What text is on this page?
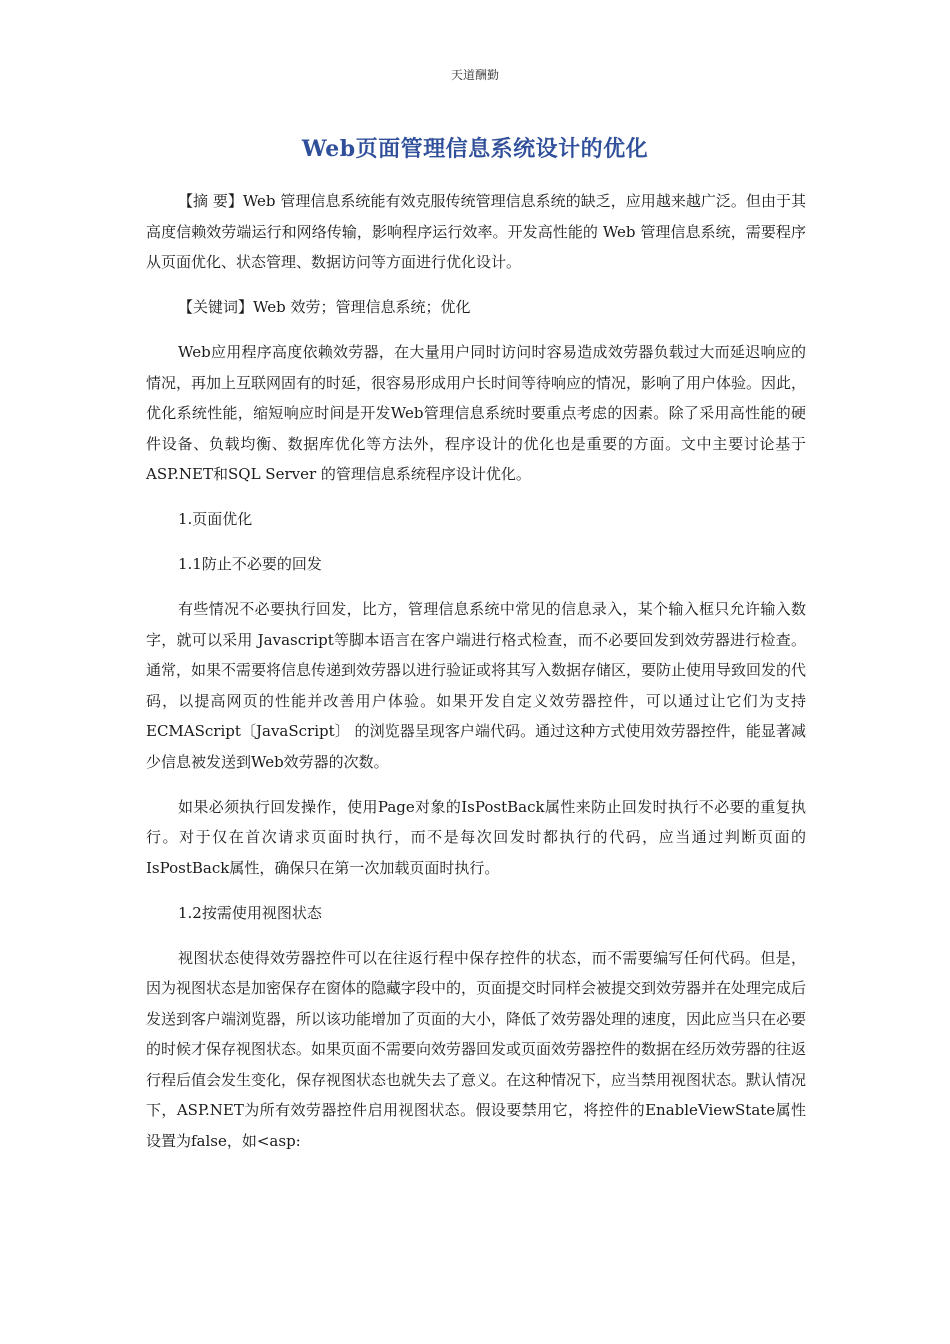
天道酬勤
Web页面管理信息系统设计的优化

【摘 要】Web 管理信息系统能有效克服传统管理信息系统的缺乏，应用越来越广泛。但由于其高度信赖效劳端运行和网络传输，影响程序运行效率。开发高性能的 Web 管理信息系统，需要程序从页面优化、状态管理、数据访问等方面进行优化设计。

【关键词】Web 效劳；管理信息系统；优化

Web应用程序高度依赖效劳器，在大量用户同时访问时容易造成效劳器负载过大而延迟响应的情况，再加上互联网固有的时延，很容易形成用户长时间等待响应的情况，影响了用户体验。因此，优化系统性能，缩短响应时间是开发Web管理信息系统时要重点考虑的因素。除了采用高性能的硬件设备、负载均衡、数据库优化等方法外，程序设计的优化也是重要的方面。文中主要讨论基于ASP.NET和SQL Server 的管理信息系统程序设计优化。

1.页面优化

1.1防止不必要的回发

有些情况不必要执行回发，比方，管理信息系统中常见的信息录入，某个输入框只允许输入数字，就可以采用 Javascript等脚本语言在客户端进行格式检查，而不必要回发到效劳器进行检查。通常，如果不需要将信息传递到效劳器以进行验证或将其写入数据存储区，要防止使用导致回发的代码，以提高网页的性能并改善用户体验。如果开发自定义效劳器控件，可以通过让它们为支持ECMAScript〔JavaScript〕 的浏览器呈现客户端代码。通过这种方式使用效劳器控件，能显著减少信息被发送到Web效劳器的次数。

如果必须执行回发操作，使用Page对象的IsPostBack属性来防止回发时执行不必要的重复执行。对于仅在首次请求页面时执行，而不是每次回发时都执行的代码，应当通过判断页面的IsPostBack属性，确保只在第一次加载页面时执行。

1.2按需使用视图状态

视图状态使得效劳器控件可以在往返行程中保存控件的状态，而不需要编写任何代码。但是，因为视图状态是加密保存在窗体的隐藏字段中的，页面提交时同样会被提交到效劳器并在处理完成后发送到客户端浏览器，所以该功能增加了页面的大小，降低了效劳器处理的速度，因此应当只在必要的时候才保存视图状态。如果页面不需要向效劳器回发或页面效劳器控件的数据在经历效劳器的往返行程后值会发生变化，保存视图状态也就失去了意义。在这种情况下，应当禁用视图状态。默认情况下，ASP.NET为所有效劳器控件启用视图状态。假设要禁用它，将控件的EnableViewState属性设置为false，如<asp:
